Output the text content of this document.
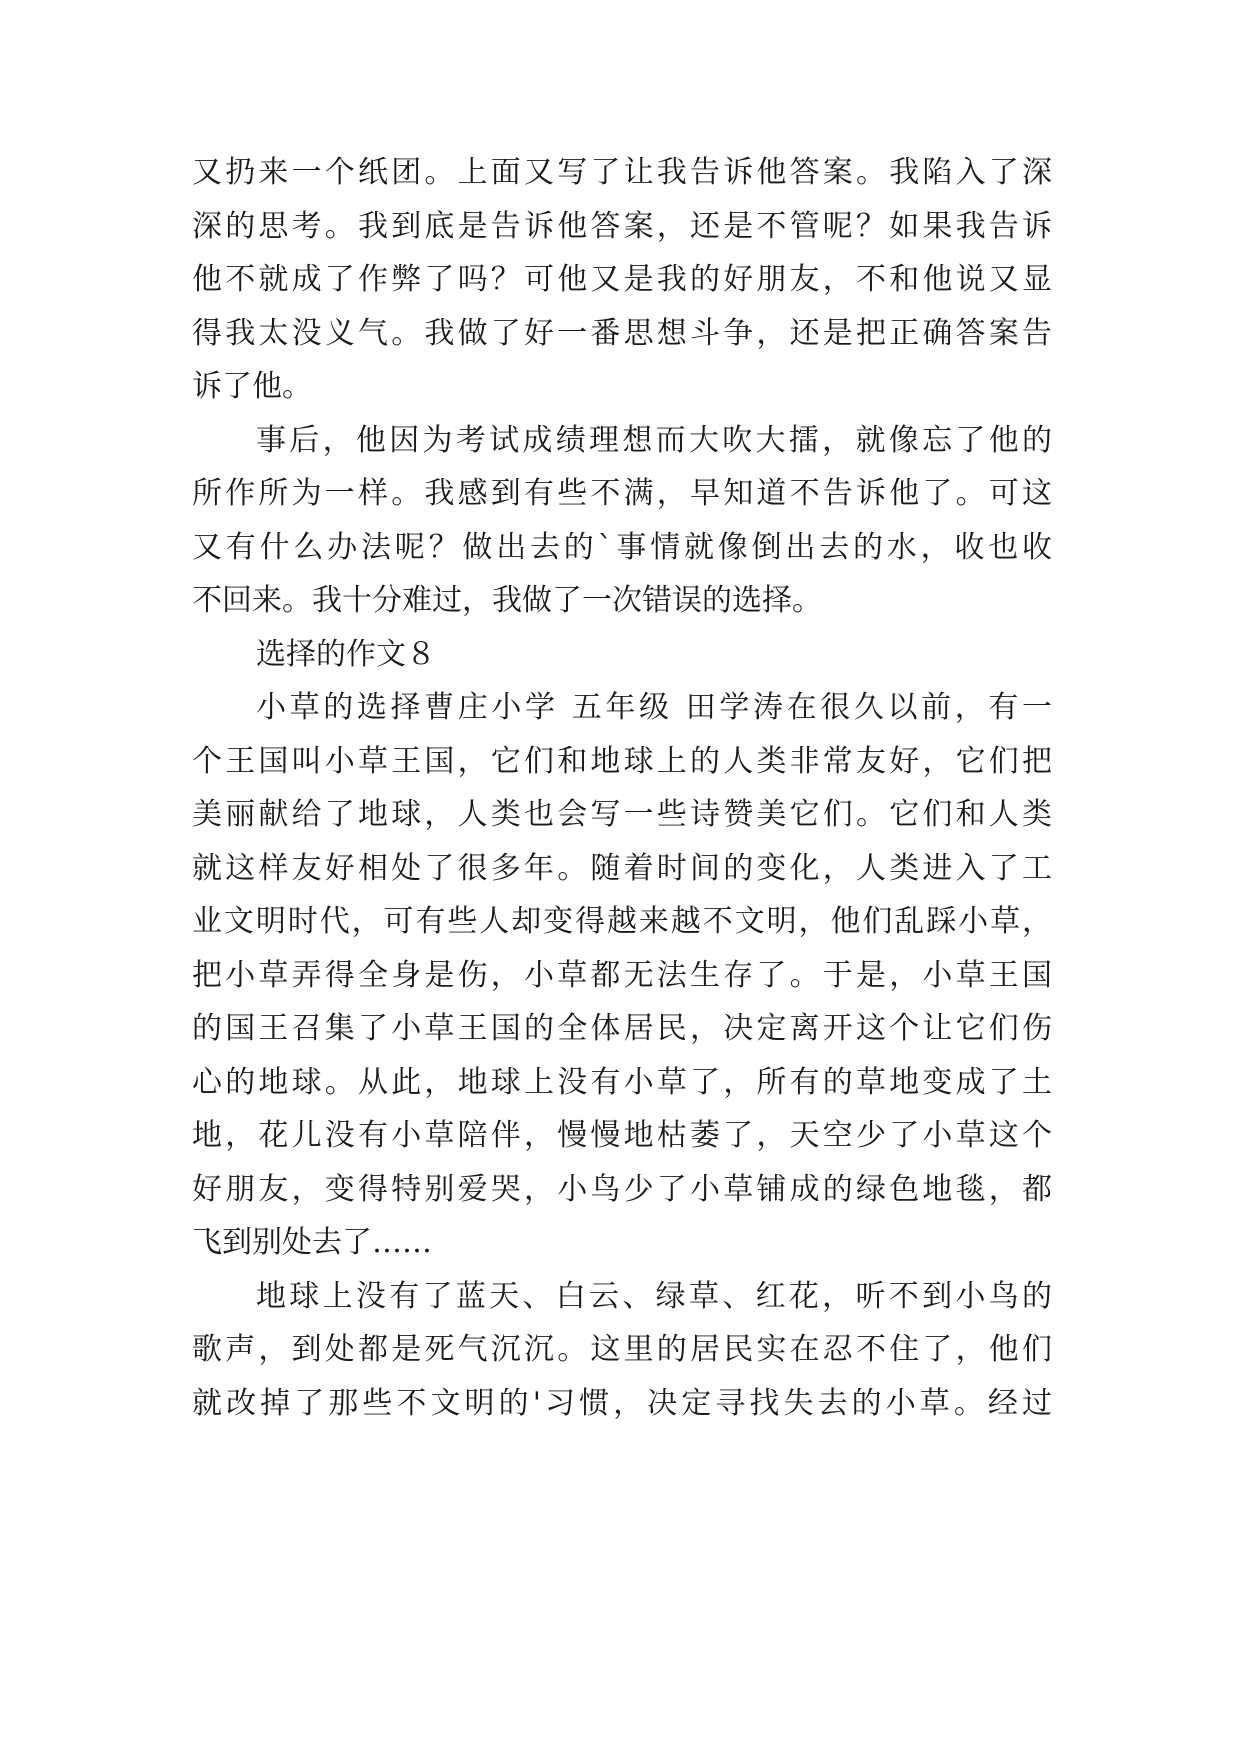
又扔来一个纸团。上面又写了让我告诉他答案。我陷入了深
深的思考。我到底是告诉他答案，还是不管呢？如果我告诉
他不就成了作弊了吗？可他又是我的好朋友，不和他说又显
得我太没义气。我做了好一番思想斗争，还是把正确答案告
诉了他。
事后，他因为考试成绩理想而大吹大擂，就像忘了他的
所作所为一样。我感到有些不满，早知道不告诉他了。可这
又有什么办法呢？做出去的`事情就像倒出去的水，收也收
不回来。我十分难过，我做了一次错误的选择。
选择的作文８
小草的选择曹庄小学 五年级 田学涛在很久以前，有一
个王国叫小草王国，它们和地球上的人类非常友好，它们把
美丽献给了地球，人类也会写一些诗赞美它们。它们和人类
就这样友好相处了很多年。随着时间的变化，人类进入了工
业文明时代，可有些人却变得越来越不文明，他们乱踩小草，
把小草弄得全身是伤，小草都无法生存了。于是，小草王国
的国王召集了小草王国的全体居民，决定离开这个让它们伤
心的地球。从此，地球上没有小草了，所有的草地变成了土
地，花儿没有小草陪伴，慢慢地枯萎了，天空少了小草这个
好朋友，变得特别爱哭，小鸟少了小草铺成的绿色地毯，都
飞到别处去了……
地球上没有了蓝天、白云、绿草、红花，听不到小鸟的
歌声，到处都是死气沉沉。这里的居民实在忍不住了，他们
就改掉了那些不文明的'习惯，决定寻找失去的小草。经过
